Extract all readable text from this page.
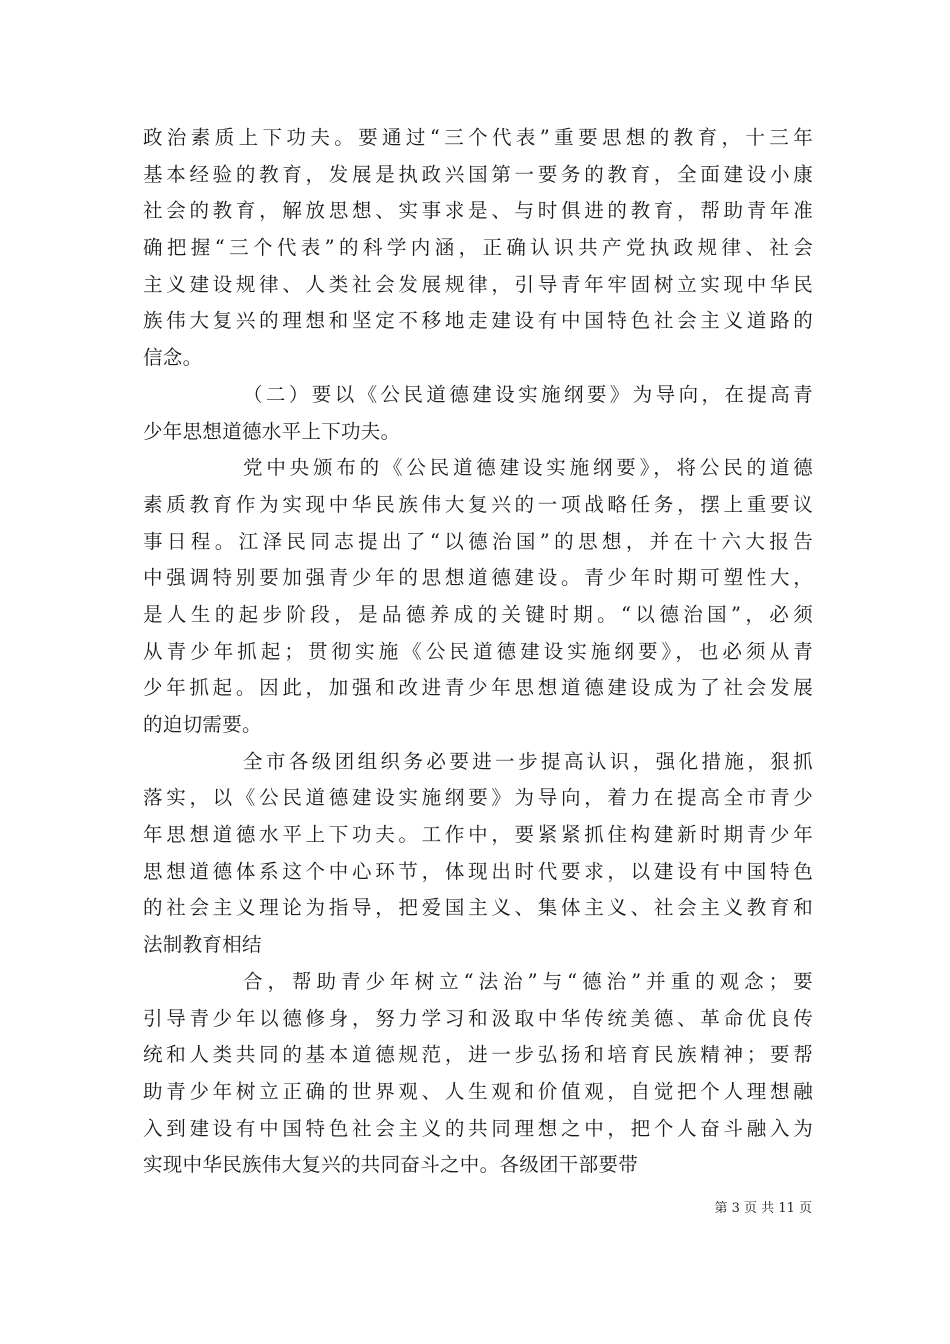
政治素质上下功夫。要通过“三个代表”重要思想的教育，十三年
基本经验的教育，发展是执政兴国第一要务的教育，全面建设小康
社会的教育，解放思想、实事求是、与时俱进的教育，帮助青年准
确把握“三个代表”的科学内涵，正确认识共产党执政规律、社会
主义建设规律、人类社会发展规律，引导青年牢固树立实现中华民
族伟大复兴的理想和坚定不移地走建设有中国特色社会主义道路的
信念。
（二）要以《公民道德建设实施纲要》为导向，在提高青
少年思想道德水平上下功夫。
党中央颁布的《公民道德建设实施纲要》，将公民的道德
素质教育作为实现中华民族伟大复兴的一项战略任务，摆上重要议
事日程。江泽民同志提出了“以德治国”的思想，并在十六大报告
中强调特别要加强青少年的思想道德建设。青少年时期可塑性大，
是人生的起步阶段，是品德养成的关键时期。“以德治国”，必须
从青少年抓起；贯彻实施《公民道德建设实施纲要》，也必须从青
少年抓起。因此，加强和改进青少年思想道德建设成为了社会发展
的迫切需要。
全市各级团组织务必要进一步提高认识，强化措施，狠抓
落实，以《公民道德建设实施纲要》为导向，着力在提高全市青少
年思想道德水平上下功夫。工作中，要紧紧抓住构建新时期青少年
思想道德体系这个中心环节，体现出时代要求，以建设有中国特色
的社会主义理论为指导，把爱国主义、集体主义、社会主义教育和
法制教育相结
合，帮助青少年树立“法治”与“德治”并重的观念；要
引导青少年以德修身，努力学习和汲取中华传统美德、革命优良传
统和人类共同的基本道德规范，进一步弘扬和培育民族精神；要帮
助青少年树立正确的世界观、人生观和价值观，自觉把个人理想融
入到建设有中国特色社会主义的共同理想之中，把个人奋斗融入为
实现中华民族伟大复兴的共同奋斗之中。各级团干部要带
第 3 页 共 11 页
